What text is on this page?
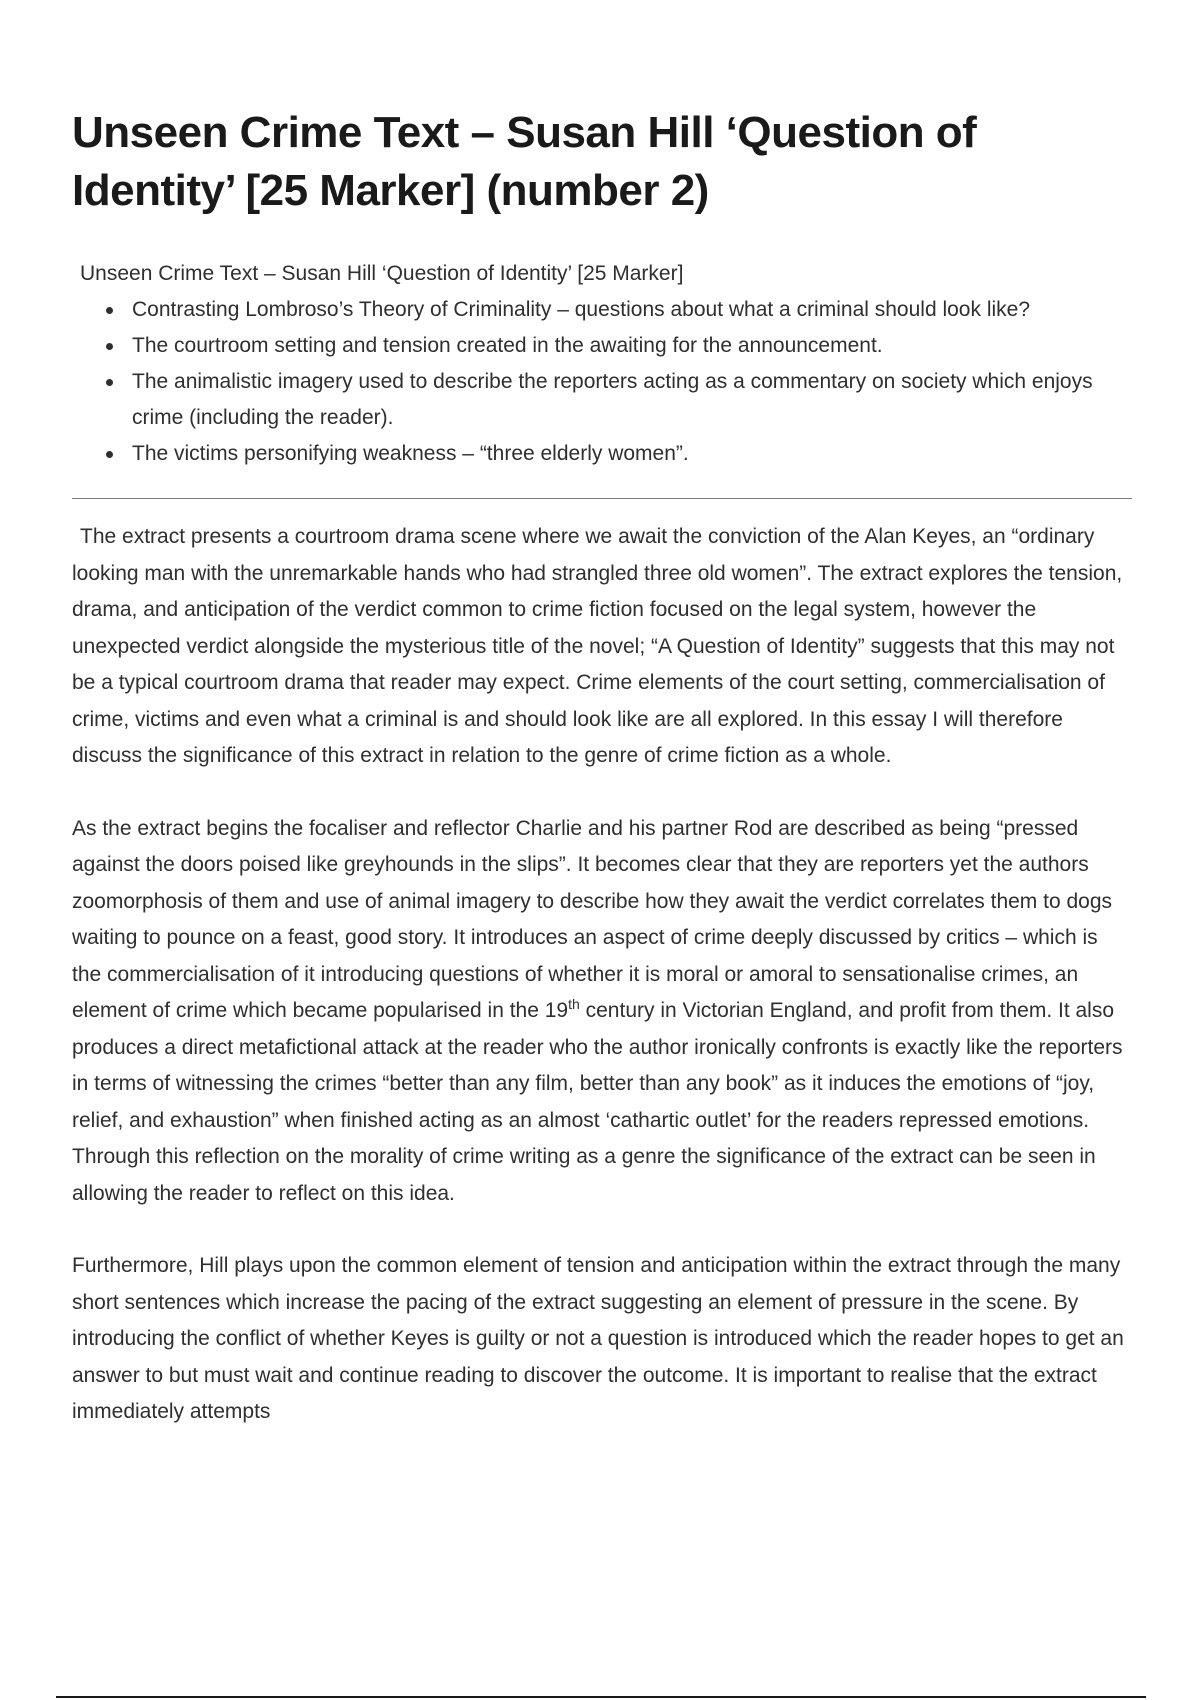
Unseen Crime Text – Susan Hill ‘Question of Identity’ [25 Marker] (number 2)
Unseen Crime Text – Susan Hill ‘Question of Identity’ [25 Marker]
Contrasting Lombroso’s Theory of Criminality – questions about what a criminal should look like?
The courtroom setting and tension created in the awaiting for the announcement.
The animalistic imagery used to describe the reporters acting as a commentary on society which enjoys crime (including the reader).
The victims personifying weakness – “three elderly women”.

The extract presents a courtroom drama scene where we await the conviction of the Alan Keyes, an “ordinary looking man with the unremarkable hands who had strangled three old women”. The extract explores the tension, drama, and anticipation of the verdict common to crime fiction focused on the legal system, however the unexpected verdict alongside the mysterious title of the novel; “A Question of Identity” suggests that this may not be a typical courtroom drama that reader may expect. Crime elements of the court setting, commercialisation of crime, victims and even what a criminal is and should look like are all explored. In this essay I will therefore discuss the significance of this extract in relation to the genre of crime fiction as a whole.

As the extract begins the focaliser and reflector Charlie and his partner Rod are described as being “pressed against the doors poised like greyhounds in the slips”. It becomes clear that they are reporters yet the authors zoomorphosis of them and use of animal imagery to describe how they await the verdict correlates them to dogs waiting to pounce on a feast, good story. It introduces an aspect of crime deeply discussed by critics – which is the commercialisation of it introducing questions of whether it is moral or amoral to sensationalise crimes, an element of crime which became popularised in the 19th century in Victorian England, and profit from them. It also produces a direct metafictional attack at the reader who the author ironically confronts is exactly like the reporters in terms of witnessing the crimes “better than any film, better than any book” as it induces the emotions of “joy, relief, and exhaustion” when finished acting as an almost ‘cathartic outlet’ for the readers repressed emotions. Through this reflection on the morality of crime writing as a genre the significance of the extract can be seen in allowing the reader to reflect on this idea.

Furthermore, Hill plays upon the common element of tension and anticipation within the extract through the many short sentences which increase the pacing of the extract suggesting an element of pressure in the scene. By introducing the conflict of whether Keyes is guilty or not a question is introduced which the reader hopes to get an answer to but must wait and continue reading to discover the outcome. It is important to realise that the extract immediately attempts
